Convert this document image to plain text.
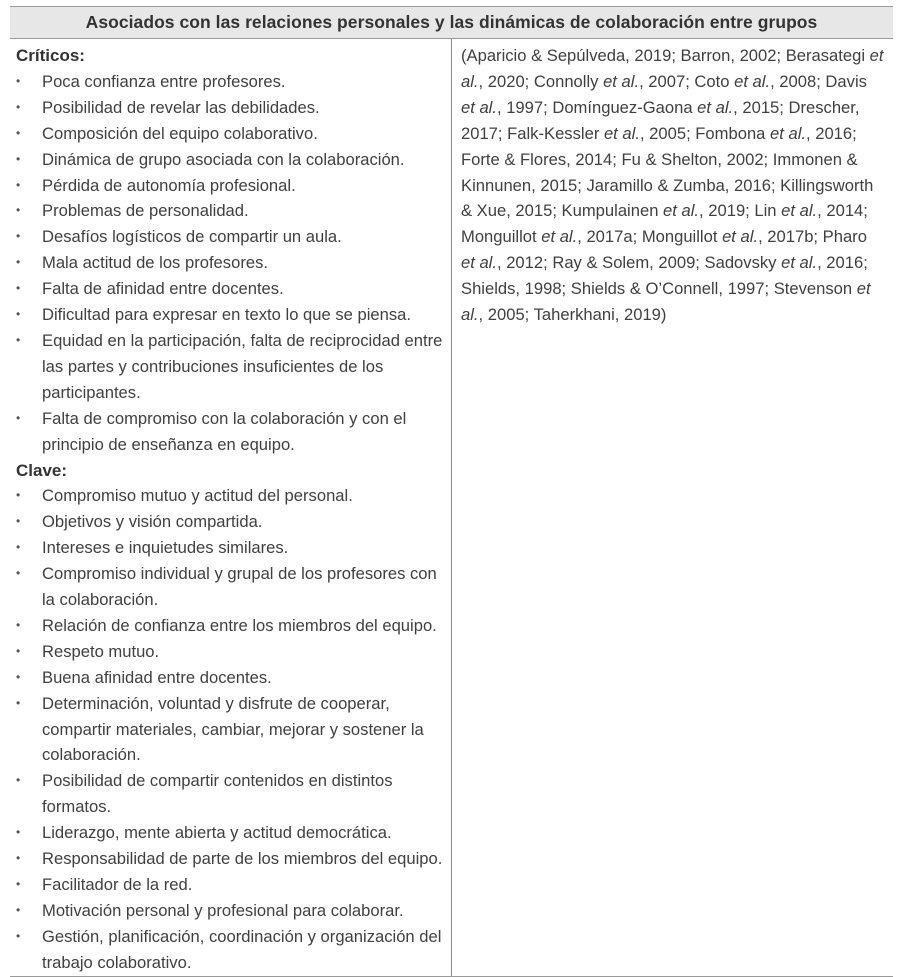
Asociados con las relaciones personales y las dinámicas de colaboración entre grupos

Críticos:
•	Poca confianza entre profesores.
•	Posibilidad de revelar las debilidades.
•	Composición del equipo colaborativo.
•	Dinámica de grupo asociada con la colaboración.
•	Pérdida de autonomía profesional.
•	Problemas de personalidad.
•	Desafíos logísticos de compartir un aula.
•	Mala actitud de los profesores.
•	Falta de afinidad entre docentes.
•	Dificultad para expresar en texto lo que se piensa.
•	Equidad en la participación, falta de reciprocidad entre las partes y contribuciones insuficientes de los participantes.
•	Falta de compromiso con la colaboración y con el principio de enseñanza en equipo.
Clave:
•	Compromiso mutuo y actitud del personal.
•	Objetivos y visión compartida.
•	Intereses e inquietudes similares.
•	Compromiso individual y grupal de los profesores con la colaboración.
•	Relación de confianza entre los miembros del equipo.
•	Respeto mutuo.
•	Buena afinidad entre docentes.
•	Determinación, voluntad y disfrute de cooperar, compartir materiales, cambiar, mejorar y sostener la colaboración.
•	Posibilidad de compartir contenidos en distintos formatos.
•	Liderazgo, mente abierta y actitud democrática.
•	Responsabilidad de parte de los miembros del equipo.
•	Facilitador de la red.
•	Motivación personal y profesional para colaborar.
•	Gestión, planificación, coordinación y organización del trabajo colaborativo.

(Aparicio & Sepúlveda, 2019; Barron, 2002; Berasategi et al., 2020; Connolly et al., 2007; Coto et al., 2008; Davis et al., 1997; Domínguez-Gaona et al., 2015; Drescher, 2017; Falk-Kessler et al., 2005; Fombona et al., 2016; Forte & Flores, 2014; Fu & Shelton, 2002; Immonen & Kinnunen, 2015; Jaramillo & Zumba, 2016; Killingsworth & Xue, 2015; Kumpulainen et al., 2019; Lin et al., 2014; Monguillot et al., 2017a; Monguillot et al., 2017b; Pharo et al., 2012; Ray & Solem, 2009; Sadovsky et al., 2016; Shields, 1998; Shields & O’Connell, 1997; Stevenson et al., 2005; Taherkhani, 2019)
